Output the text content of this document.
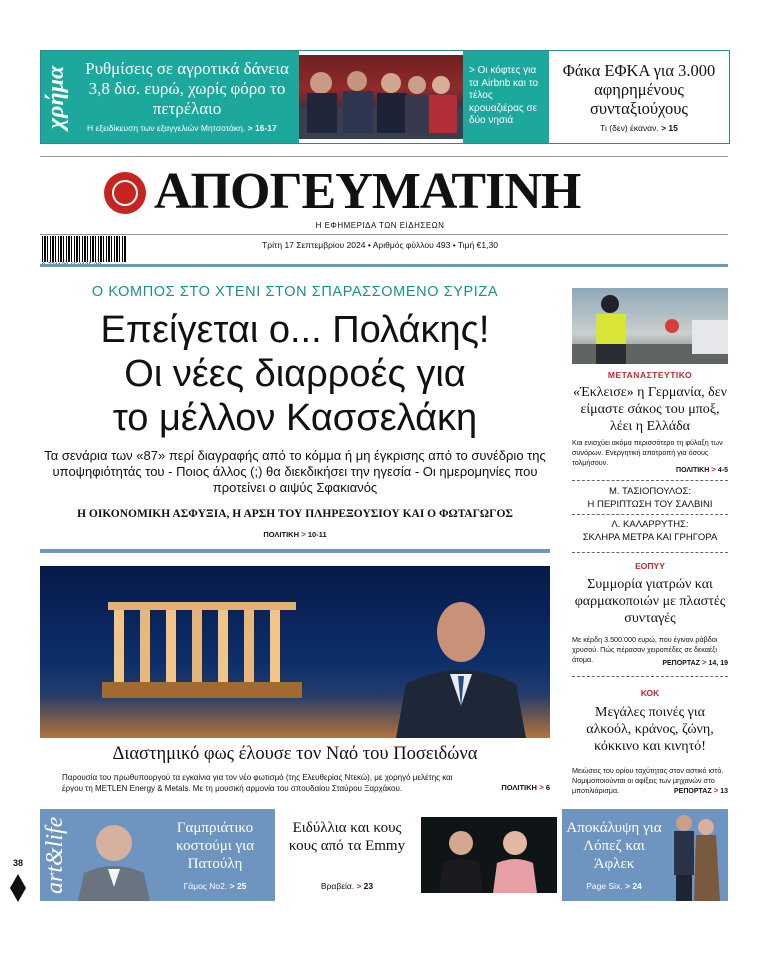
χρήμα Ρυθμίσεις σε αγροτικά δάνεια 3,8 δισ. ευρώ, χωρίς φόρο το πετρέλαιο
Η εξειδίκευση των εξαγγελιών Μητσοτάκη. > 16-17
> Οι κόφτες για τα Airbnb και το τέλος κρουαζιέρας σε δύο νησιά
Φάκα ΕΦΚΑ για 3.000 αφηρημένους συνταξιούχους
Τι (δεν) έκαναν. > 15
ΑΠΟΓΕΥΜΑΤΙΝΗ
Η ΕΦΗΜΕΡΙΔΑ ΤΩΝ ΕΙΔΗΣΕΩΝ
Τρίτη 17 Σεπτεμβρίου 2024 • Αριθμός φύλλου 493 • Τιμή €1,30
Ο ΚΟΜΠΟΣ ΣΤΟ ΧΤΕΝΙ ΣΤΟΝ ΣΠΑΡΑΣΣΟΜΕΝΟ ΣΥΡΙΖΑ
Επείγεται ο... Πολάκης!
Οι νέες διαρροές για
το μέλλον Κασσελάκη
Τα σενάρια των «87» περί διαγραφής από το κόμμα ή μη έγκρισης από το συνέδριο της υποψηφιότητάς του - Ποιος άλλος (;) θα διεκδικήσει την ηγεσία - Οι ημερομηνίες που προτείνει ο αιψύς Σφακιανός
Η ΟΙΚΟΝΟΜΙΚΗ ΑΣΦΥΞΙΑ, Η ΑΡΣΗ ΤΟΥ ΠΛΗΡΕΞΟΥΣΙΟΥ ΚΑΙ Ο ΦΩΤΑΓΩΓΟΣ
ΠΟΛΙΤΙΚΗ > 10-11
Διαστημικό φως έλουσε τον Ναό του Ποσειδώνα
Παρουσία του πρωθυπουργού τα εγκαίνια για τον νέο φωτισμό (της Ελευθερίας Ντεκώ), με χορηγό μελέτης και έργου τη METLEN Energy & Metals. Με τη μουσική αρμονία του σπουδαίου Σταύρου Ξαρχάκου.	ΠΟΛΙΤΙΚΗ > 6
ΜΕΤΑΝΑΣΤΕΥΤΙΚΟ
«Έκλεισε» η Γερμανία, δεν είμαστε σάκος του μποξ, λέει η Ελλάδα
Και ενισχύει ακόμα περισσότερο τη φύλαξη των συνόρων. Ενεργητική αποτροπή για όσους τολμήσουν.
ΠΟΛΙΤΙΚΗ > 4-5
Μ. ΤΑΣΙΟΠΟΥΛΟΣ:
Η ΠΕΡΙΠΤΩΣΗ ΤΟΥ ΣΑΛΒΙΝΙ
Λ. ΚΑΛΑΡΡΥΤΗΣ:
ΣΚΛΗΡΑ ΜΕΤΡΑ ΚΑΙ ΓΡΗΓΟΡΑ
ΕΟΠΥΥ
Συμμορία γιατρών και φαρμακοποιών με πλαστές συνταγές
Με κέρδη 3.500.000 ευρώ, που έγιναν ράβδοι χρυσού. Πώς πέρασαν χειροπέδες σε δεκαέξι άτομα.	ΡΕΠΟΡΤΑΖ > 14, 19
ΚΟΚ
Μεγάλες ποινές για αλκοόλ, κράνος, ζώνη, κόκκινο και κινητό!
Μειώσεις του ορίου ταχύτητας στον αστικό ιστό. Νομιμοποιούνται οι αφίξεις των μηχανών στο μποτιλιάρισμα.	ΡΕΠΟΡΤΑΖ > 13
art&life	Γαμπριάτικο κοστούμι για Πατούλη
Γάμος Νο2. > 25
Ειδύλλια και κους κους από τα Emmy
Βραβεία. > 23
Αποκάλυψη για Λόπεζ και Άφλεκ
Page Six. > 24
38
